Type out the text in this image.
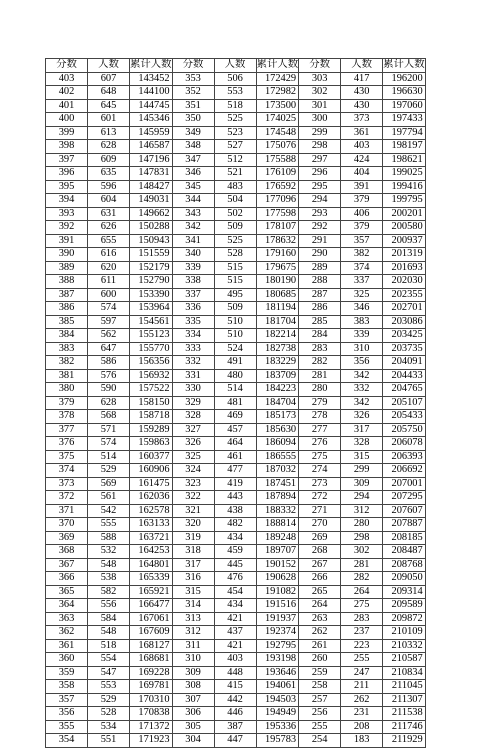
分数	人数	累计人数	分数	人数	累计人数	分数	人数	累计人数
403	607	143452	353	506	172429	303	417	196200
402	648	144100	352	553	172982	302	430	196630
401	645	144745	351	518	173500	301	430	197060
400	601	145346	350	525	174025	300	373	197433
399	613	145959	349	523	174548	299	361	197794
398	628	146587	348	527	175076	298	403	198197
397	609	147196	347	512	175588	297	424	198621
396	635	147831	346	521	176109	296	404	199025
395	596	148427	345	483	176592	295	391	199416
394	604	149031	344	504	177096	294	379	199795
393	631	149662	343	502	177598	293	406	200201
392	626	150288	342	509	178107	292	379	200580
391	655	150943	341	525	178632	291	357	200937
390	616	151559	340	528	179160	290	382	201319
389	620	152179	339	515	179675	289	374	201693
388	611	152790	338	515	180190	288	337	202030
387	600	153390	337	495	180685	287	325	202355
386	574	153964	336	509	181194	286	346	202701
385	597	154561	335	510	181704	285	383	203086
384	562	155123	334	510	182214	284	339	203425
383	647	155770	333	524	182738	283	310	203735
382	586	156356	332	491	183229	282	356	204091
381	576	156932	331	480	183709	281	342	204433
380	590	157522	330	514	184223	280	332	204765
379	628	158150	329	481	184704	279	342	205107
378	568	158718	328	469	185173	278	326	205433
377	571	159289	327	457	185630	277	317	205750
376	574	159863	326	464	186094	276	328	206078
375	514	160377	325	461	186555	275	315	206393
374	529	160906	324	477	187032	274	299	206692
373	569	161475	323	419	187451	273	309	207001
372	561	162036	322	443	187894	272	294	207295
371	542	162578	321	438	188332	271	312	207607
370	555	163133	320	482	188814	270	280	207887
369	588	163721	319	434	189248	269	298	208185
368	532	164253	318	459	189707	268	302	208487
367	548	164801	317	445	190152	267	281	208768
366	538	165339	316	476	190628	266	282	209050
365	582	165921	315	454	191082	265	264	209314
364	556	166477	314	434	191516	264	275	209589
363	584	167061	313	421	191937	263	283	209872
362	548	167609	312	437	192374	262	237	210109
361	518	168127	311	421	192795	261	223	210332
360	554	168681	310	403	193198	260	255	210587
359	547	169228	309	448	193646	259	247	210834
358	553	169781	308	415	194061	258	211	211045
357	529	170310	307	442	194503	257	262	211307
356	528	170838	306	446	194949	256	231	211538
355	534	171372	305	387	195336	255	208	211746
354	551	171923	304	447	195783	254	183	211929
